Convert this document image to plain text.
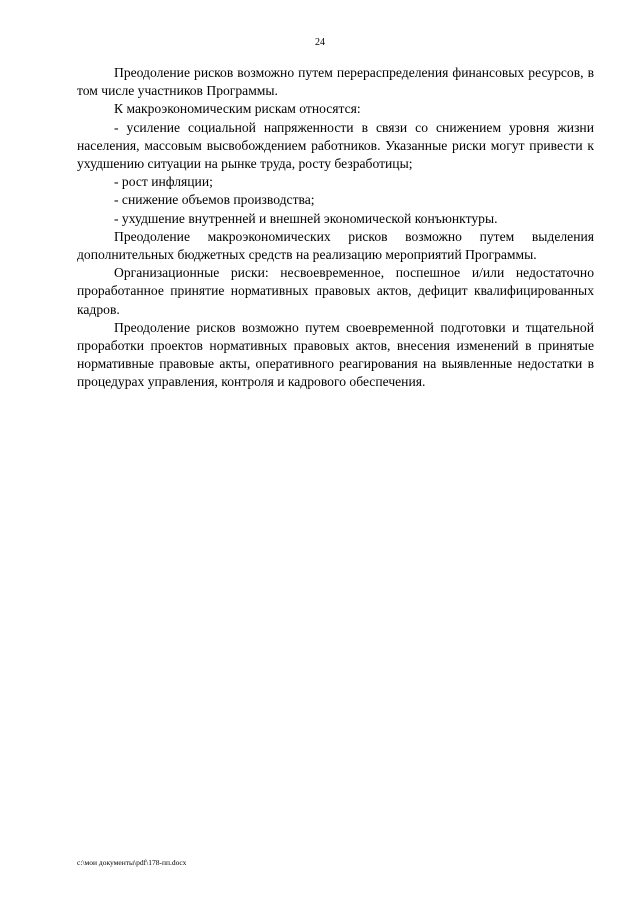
24

Преодоление рисков возможно путем перераспределения финансовых ресурсов, в том числе участников Программы.

К макроэкономическим рискам относятся:

- усиление социальной напряженности в связи со снижением уровня жизни населения, массовым высвобождением работников. Указанные риски могут привести к ухудшению ситуации на рынке труда, росту безработицы;

- рост инфляции;

- снижение объемов производства;

- ухудшение внутренней и внешней экономической конъюнктуры.

Преодоление макроэкономических рисков возможно путем выделения дополнительных бюджетных средств на реализацию мероприятий Программы.

Организационные риски: несвоевременное, поспешное и/или недостаточно проработанное принятие нормативных правовых актов, дефицит квалифицированных кадров.

Преодоление рисков возможно путем своевременной подготовки и тщательной проработки проектов нормативных правовых актов, внесения изменений в принятые нормативные правовые акты, оперативного реагирования на выявленные недостатки в процедурах управления, контроля и кадрового обеспечения.

c:\мои документы\pdf\178-пп.docx
